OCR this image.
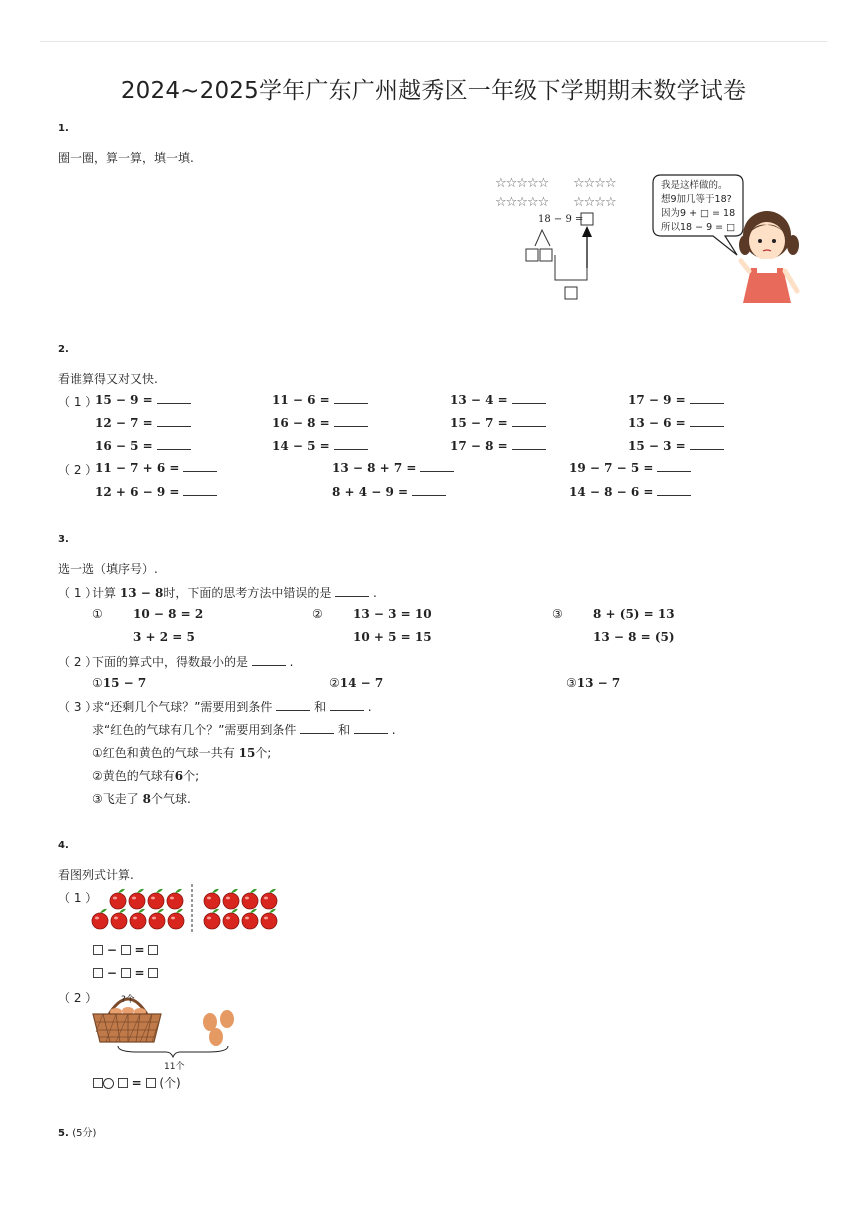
2024~2025学年广东广州越秀区一年级下学期期末数学试卷
1.
圈一圈，算一算，填一填.
☆☆☆☆☆ ☆☆☆☆
☆☆☆☆☆ ☆☆☆☆
18 − 9 =
我是这样做的。
想9加几等于18?
因为9 + □ = 18
所以18 − 9 = □
2.
看谁算得又对又快.
（ 1 ）
15 − 9 =	11 − 6 =	13 − 4 =	17 − 9 =
12 − 7 =	16 − 8 =	15 − 7 =	13 − 6 =
16 − 5 =	14 − 5 =	17 − 8 =	15 − 3 =
（ 2 ）
11 − 7 + 6 =	13 − 8 + 7 =	19 − 7 − 5 =
12 + 6 − 9 =	8 + 4 − 9 =	14 − 8 − 6 =
3.
选一选（填序号）.
（ 1 ）
计算 13 − 8时，下面的思考方法中错误的是	.
①	10 − 8 = 2
3 + 2 = 5
②	13 − 3 = 10
10 + 5 = 15
③	8 + (5) = 13
13 − 8 = (5)
（ 2 ）
下面的算式中，得数最小的是	.
①15 − 7	②14 − 7	③13 − 7
（ 3 ）
求“还剩几个气球？”需要用到条件	和	.
求“红色的气球有几个？”需要用到条件	和	.
①红色和黄色的气球一共有 15个;
②黄色的气球有6个;
③飞走了 8个气球.
4.
看图列式计算.
（ 1 ）
− =
− =
（ 2 ）	?个
11个
= (个)
5. (5分)
